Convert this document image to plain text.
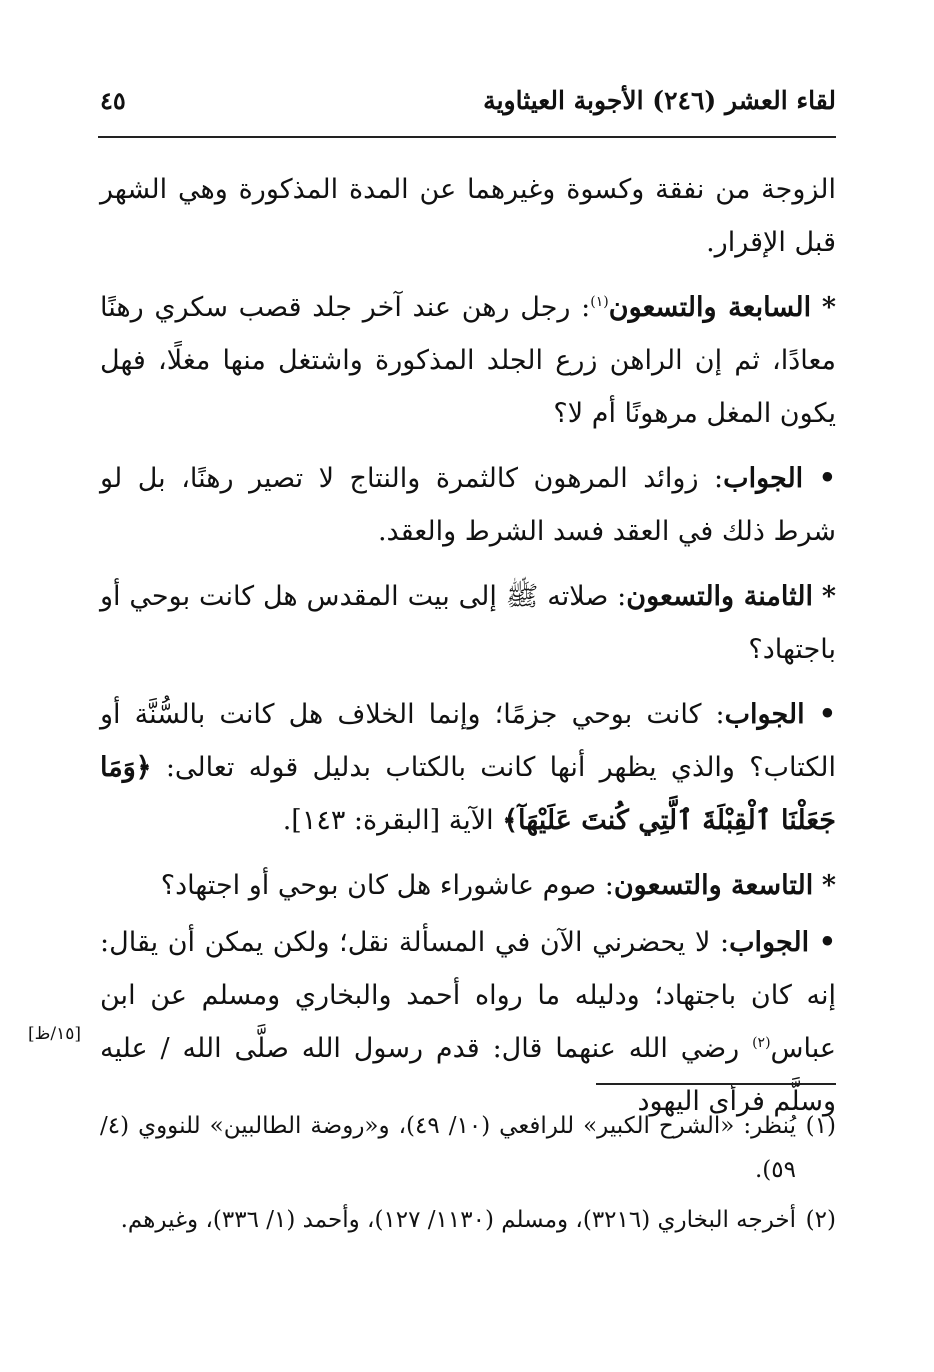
لقاء العشر (٢٤٦) الأجوبة العيثاوية
٤٥

الزوجة من نفقة وكسوة وغيرهما عن المدة المذكورة وهي الشهر قبل الإقرار.

* السابعة والتسعون$^{(١)}$: رجل رهن عند آخر جلد قصب سكري رهنًا معادًا، ثم إن الراهن زرع الجلد المذكورة واشتغل منها مغلًا، فهل يكون المغل مرهونًا أم لا؟

• الجواب: زوائد المرهون كالثمرة والنتاج لا تصير رهنًا، بل لو شرط ذلك في العقد فسد الشرط والعقد.

* الثامنة والتسعون: صلاته ﷺ إلى بيت المقدس هل كانت بوحي أو باجتهاد؟

• الجواب: كانت بوحي جزمًا؛ وإنما الخلاف هل كانت بالسُّنَّة أو الكتاب؟ والذي يظهر أنها كانت بالكتاب بدليل قوله تعالى: ﴿وَمَا جَعَلْنَا ٱلْقِبْلَةَ ٱلَّتِي كُنتَ عَلَيْهَآ﴾ الآية [البقرة: ١٤٣].

* التاسعة والتسعون: صوم عاشوراء هل كان بوحي أو اجتهاد؟

• الجواب: لا يحضرني الآن في المسألة نقل؛ ولكن يمكن أن يقال: إنه كان باجتهاد؛ ودليله ما رواه أحمد والبخاري ومسلم عن ابن عباس$^{(٢)}$ رضي الله عنهما قال: قدم رسول الله صلَّى الله / عليه وسلَّم فرأى اليهود

[١٥/ظ]

(١)
يُنظر: «الشرح الكبير» للرافعي (١٠/ ٤٩)، و«روضة الطالبين» للنووي (٤/ ٥٩).

(٢)
أخرجه البخاري (٣٢١٦)، ومسلم (١١٣٠/ ١٢٧)، وأحمد (١/ ٣٣٦)، وغيرهم.
